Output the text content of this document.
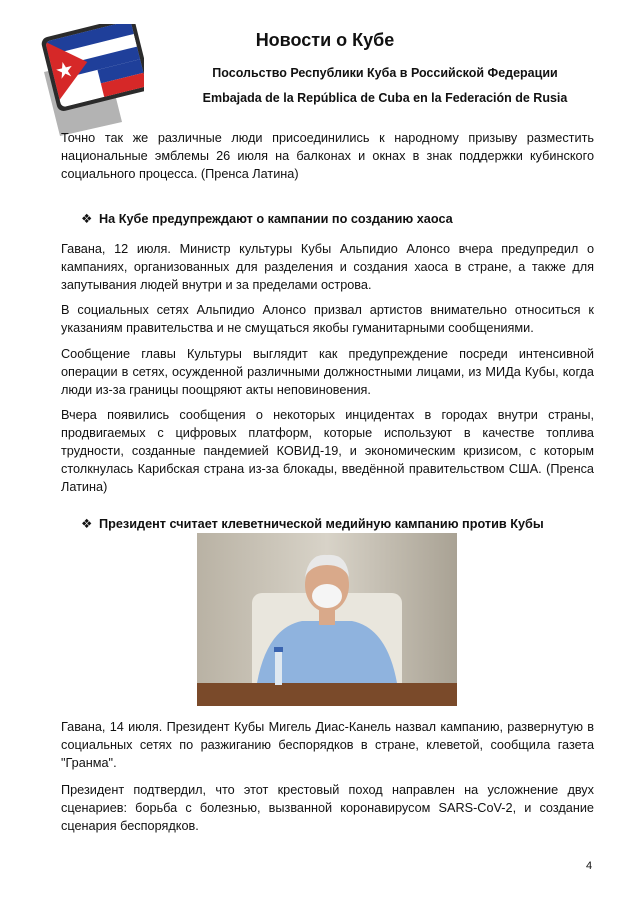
Новости о Кубе
Посольство Республики Куба в Российской Федерации
Embajada de la República de Cuba en la Federación de Rusia
Точно так же различные люди присоединились к народному призыву разместить национальные эмблемы 26 июля на балконах и окнах в знак поддержки кубинского социального процесса. (Пренса Латина)
❖ На Кубе предупреждают о кампании по созданию хаоса
Гавана, 12 июля. Министр культуры Кубы Альпидио Алонсо вчера предупредил о кампаниях, организованных для разделения и создания хаоса в стране, а также для запутывания людей внутри и за пределами острова.
В социальных сетях Альпидио Алонсо призвал артистов внимательно относиться к указаниям правительства и не смущаться якобы гуманитарными сообщениями.
Сообщение главы Культуры выглядит как предупреждение посреди интенсивной операции в сетях, осужденной различными должностными лицами, из МИДа Кубы, когда люди из-за границы поощряют акты неповиновения.
Вчера появились сообщения о некоторых инцидентах в городах внутри страны, продвигаемых с цифровых платформ, которые используют в качестве топлива трудности, созданные пандемией КОВИД-19, и экономическим кризисом, с которым столкнулась Карибская страна из-за блокады, введённой правительством США. (Пренса Латина)
❖ Президент считает клеветнической медийную кампанию против Кубы
Гавана, 14 июля. Президент Кубы Мигель Диас-Канель назвал кампанию, развернутую в социальных сетях по разжиганию беспорядков в стране, клеветой, сообщила газета "Гранма".
Президент подтвердил, что этот крестовый поход направлен на усложнение двух сценариев: борьба с болезнью, вызванной коронавирусом SARS-CoV-2, и создание сценария беспорядков.
4
